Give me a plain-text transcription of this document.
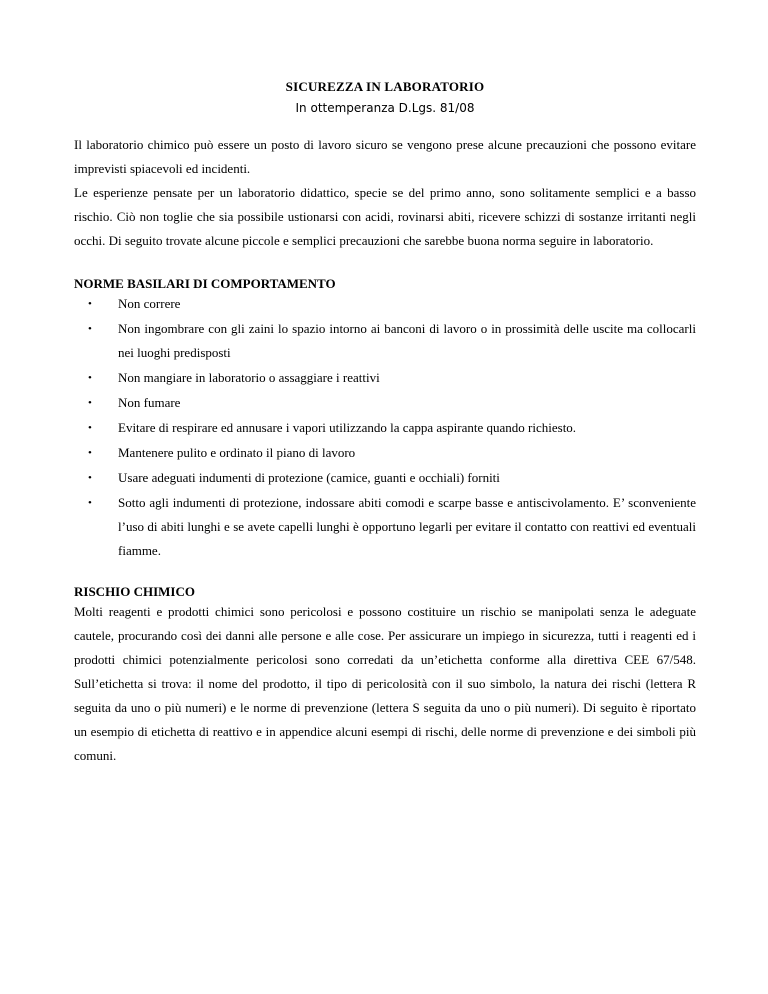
SICUREZZA IN LABORATORIO

In ottemperanza D.Lgs. 81/08

Il laboratorio chimico può essere un posto di lavoro sicuro se vengono prese alcune precauzioni che possono evitare imprevisti spiacevoli ed incidenti.

Le esperienze pensate per un laboratorio didattico, specie se del primo anno, sono solitamente semplici e a basso rischio. Ciò non toglie che sia possibile ustionarsi con acidi, rovinarsi abiti, ricevere schizzi di sostanze irritanti negli occhi. Di seguito trovate alcune piccole e semplici precauzioni che sarebbe buona norma seguire in laboratorio.

NORME BASILARI DI COMPORTAMENTO
• Non correre
• Non ingombrare con gli zaini lo spazio intorno ai banconi di lavoro o in prossimità delle uscite ma collocarli nei luoghi predisposti
• Non mangiare in laboratorio o assaggiare i reattivi
• Non fumare
• Evitare di respirare ed annusare i vapori utilizzando la cappa aspirante quando richiesto.
• Mantenere pulito e ordinato il piano di lavoro
• Usare adeguati indumenti di protezione (camice, guanti e occhiali) forniti
• Sotto agli indumenti di protezione, indossare abiti comodi e scarpe basse e antiscivolamento. E’ sconveniente l’uso di abiti lunghi e se avete capelli lunghi è opportuno legarli per evitare il contatto con reattivi ed eventuali fiamme.
RISCHIO CHIMICO

Molti reagenti e prodotti chimici sono pericolosi e possono costituire un rischio se manipolati senza le adeguate cautele, procurando così dei danni alle persone e alle cose. Per assicurare un impiego in sicurezza, tutti i reagenti ed i prodotti chimici potenzialmente pericolosi sono corredati da un’etichetta conforme alla direttiva CEE 67/548. Sull’etichetta si trova: il nome del prodotto, il tipo di pericolosità con il suo simbolo, la natura dei rischi (lettera R seguita da uno o più numeri) e le norme di prevenzione (lettera S seguita da uno o più numeri). Di seguito è riportato un esempio di etichetta di reattivo e in appendice alcuni esempi di rischi, delle norme di prevenzione e dei simboli più comuni.
